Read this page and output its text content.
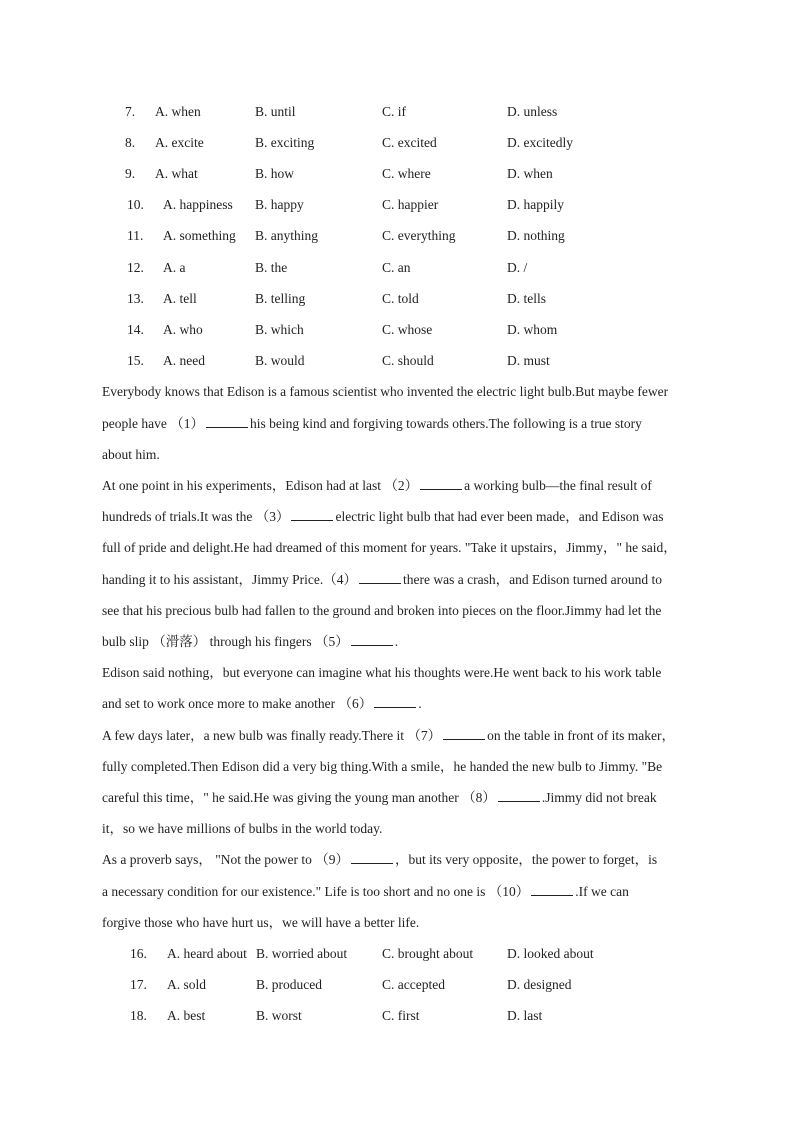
7. A. when	B. until	C. if	D. unless
8. A. excite	B. exciting	C. excited	D. excitedly
9. A. what	B. how	C. where	D. when
10. A. happiness B. happy	C. happier	D. happily
11. A. something B. anything	C. everything	D. nothing
12. A. a	B. the	C. an	D. /
13. A. tell	B. telling	C. told	D. tells
14. A. who	B. which	C. whose	D. whom
15. A. need	B. would	C. should	D. must
Everybody knows that Edison is a famous scientist who invented the electric light bulb.But maybe fewer
people have （1）	his being kind and forgiving towards others.The following is a true story
about him.
At one point in his experiments，Edison had at last （2）	a working bulb—the final result of
hundreds of trials.It was the （3）	electric light bulb that had ever been made，and Edison was
full of pride and delight.He had dreamed of this moment for years. "Take it upstairs，Jimmy，" he said，
handing it to his assistant，Jimmy Price.（4）	there was a crash，and Edison turned around to
see that his precious bulb had fallen to the ground and broken into pieces on the floor.Jimmy had let the
bulb slip （滑落） through his fingers （5）	.
Edison said nothing，but everyone can imagine what his thoughts were.He went back to his work table
and set to work once more to make another （6）	.
A few days later，a new bulb was finally ready.There it （7）	on the table in front of its maker，
fully completed.Then Edison did a very big thing.With a smile，he handed the new bulb to Jimmy. "Be
careful this time，" he said.He was giving the young man another （8）	.Jimmy did not break
it，so we have millions of bulbs in the world today.
As a proverb says， "Not the power to （9）	，but its very opposite，the power to forget，is
a necessary condition for our existence." Life is too short and no one is （10）	.If we can
forgive those who have hurt us，we will have a better life.
16. A. heard about B. worried about	C. brought about	D. looked about
17. A. sold	B. produced	C. accepted	D. designed
18. A. best	B. worst	C. first	D. last
